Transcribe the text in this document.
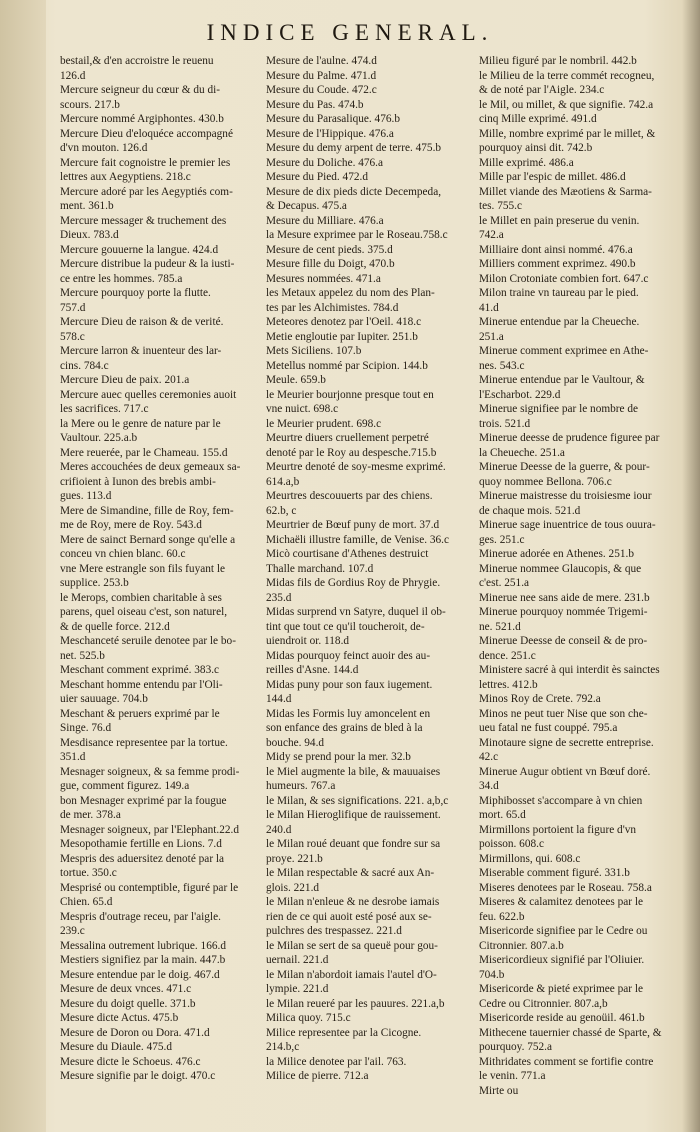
INDICE GENERAL.
bestail,& d'en accroistre le reuenu
126.d
Mercure seigneur du cœur & du di-
scours. 217.b
Mercure nommé Argiphontes. 430.b
Mercure Dieu d'eloquéce accompagné
d'vn mouton. 126.d
Mercure fait cognoistre le premier les
lettres aux Aegyptiens. 218.c
Mercure adoré par les Aegyptiés com-
ment. 361.b
Mercure messager & truchement des
Dieux. 783.d
Mercure gouuerne la langue. 424.d
Mercure distribue la pudeur & la iusti-
ce entre les hommes. 785.a
Mercure pourquoy porte la flutte.
757.d
Mercure Dieu de raison & de verité.
578.c
Mercure larron & inuenteur des lar-
cins. 784.c
Mercure Dieu de paix. 201.a
Mercure auec quelles ceremonies auoit
les sacrifices. 717.c
la Mere ou le genre de nature par le
Vaultour. 225.a.b
Mere reuerée, par le Chameau. 155.d
Meres accouchées de deux gemeaux sa-
crifioient à Iunon des brebis ambi-
gues. 113.d
Mere de Simandine, fille de Roy, fem-
me de Roy, mere de Roy. 543.d
Mere de sainct Bernard songe qu'elle a
conceu vn chien blanc. 60.c
vne Mere estrangle son fils fuyant le
supplice. 253.b
le Merops, combien charitable à ses
parens, quel oiseau c'est, son naturel,
& de quelle force. 212.d
Meschanceté seruile denotee par le bo-
net. 525.b
Meschant comment exprimé. 383.c
Meschant homme entendu par l'Oli-
uier sauuage. 704.b
Meschant & peruers exprimé par le
Singe. 76.d
Mesdisance representee par la tortue.
351.d
Mesnager soigneux, & sa femme prodi-
gue, comment figurez. 149.a
bon Mesnager exprimé par la fougue
de mer. 378.a
Mesnager soigneux, par l'Elephant.22.d
Mesopothamie fertille en Lions. 7.d
Mespris des aduersitez denoté par la
tortue. 350.c
Mesprisé ou contemptible, figuré par le
Chien. 65.d
Mespris d'outrage receu, par l'aigle.
239.c
Messalina outrement lubrique. 166.d
Mestiers signifiez par la main. 447.b
Mesure entendue par le doig. 467.d
Mesure de deux vnces. 471.c
Mesure du doigt quelle. 371.b
Mesure dicte Actus. 475.b
Mesure de Doron ou Dora. 471.d
Mesure du Diaule. 475.d
Mesure dicte le Schoeus. 476.c
Mesure signifie par le doigt. 470.c
Mesure de l'aulne. 474.d
Mesure du Palme. 471.d
Mesure du Coude. 472.c
Mesure du Pas. 474.b
Mesure du Parasalique. 476.b
Mesure de l'Hippique. 476.a
Mesure du demy arpent de terre. 475.b
Mesure du Doliche. 476.a
Mesure du Pied. 472.d
Mesure de dix pieds dicte Decempeda,
& Decapus. 475.a
Mesure du Milliare. 476.a
la Mesure exprimee par le Roseau.758.c
Mesure de cent pieds. 375.d
Mesure fille du Doigt, 470.b
Mesures nommées. 471.a
les Metaux appelez du nom des Plan-
tes par les Alchimistes. 784.d
Meteores denotez par l'Oeil. 418.c
Metie engloutie par Iupiter. 251.b
Mets Siciliens. 107.b
Metellus nommé par Scipion. 144.b
Meule. 659.b
le Meurier bourjonne presque tout en
vne nuict. 698.c
le Meurier prudent. 698.c
Meurtre diuers cruellement perpetré
denoté par le Roy au despeschе.715.b
Meurtre denoté de soy-mesme exprimé.
614.a,b
Meurtres descouuerts par des chiens.
62.b, c
Meurtrier de Bœuf puny de mort. 37.d
Michaëli illustre famille, de Venise. 36.c
Micò courtisane d'Athenes destruict
Thalle marchand. 107.d
Midas fils de Gordius Roy de Phrygie.
235.d
Midas surprend vn Satyre, duquel il ob-
tint que tout ce qu'il toucheroit, de-
uiendroit or. 118.d
Midas pourquoy feinct auoir des au-
reilles d'Asne. 144.d
Midas puny pour son faux iugement.
144.d
Midas les Formis luy amoncelent en
son enfance des grains de bled à la
bouche. 94.d
Midy se prend pour la mer. 32.b
le Miel augmente la bile, & mauuaises
humeurs. 767.a
le Milan, & ses significations. 221. a,b,c
le Milan Hieroglifique de rauissement.
240.d
le Milan roué deuant que fondre sur sa
proye. 221.b
le Milan respectable & sacré aux An-
glois. 221.d
le Milan n'enleue & ne desrobe iamais
rien de ce qui auoit esté posé aux se-
pulchres des trespassez. 221.d
le Milan se sert de sa queuë pour gou-
uernail. 221.d
le Milan n'abordoit iamais l'autel d'O-
lympie. 221.d
le Milan reueré par les pauures. 221.a,b
Milica quoy. 715.c
Milice representee par la Cicogne.
214.b,c
la Milice denotee par l'ail. 763.
Milice de pierre. 712.a
Milieu figuré par le nombril. 442.b
le Milieu de la terre commét recogneu,
& de noté par l'Aigle. 234.c
le Mil, ou millet, & que signifie. 742.a
cinq Mille exprimé. 491.d
Mille, nombre exprimé par le millet, &
pourquoy ainsi dit. 742.b
Mille exprimé. 486.a
Mille par l'espic de millet. 486.d
Millet viande des Mæotiens & Sarma-
tes. 755.c
le Millet en pain preserue du venin.
742.a
Milliaire dont ainsi nommé. 476.a
Milliers comment exprimez. 490.b
Milon Crotoniate combien fort. 647.c
Milon traine vn taureau par le pied.
41.d
Minerue entendue par la Cheueche.
251.a
Minerue comment exprimee en Athe-
nes. 543.c
Minerue entendue par le Vaultour, &
l'Escharbot. 229.d
Minerue signifiee par le nombre de
trois. 521.d
Minerue deesse de prudence figuree par
la Cheueche. 251.a
Minerue Deesse de la guerre, & pour-
quoy nommee Bellona. 706.c
Minerue maistresse du troisiesme iour
de chaque mois. 521.d
Minerue sage inuentrice de tous ouura-
ges. 251.c
Minerue adorée en Athenes. 251.b
Minerue nommee Glaucopis, & que
c'est. 251.a
Minerue nee sans aide de mere. 231.b
Minerue pourquoy nommée Trigemi-
ne. 521.d
Minerue Deesse de conseil & de pro-
dence. 251.c
Ministere sacré à qui interdit ès sainctes
lettres. 412.b
Minos Roy de Crete. 792.a
Minos ne peut tuer Nise que son che-
ueu fatal ne fust couppé. 795.a
Minotaure signe de secrette entreprise.
42.c
Minerue Augur obtient vn Bœuf doré.
34.d
Miphibosset s'accompare à vn chien
mort. 65.d
Mirmillons portoient la figure d'vn
poisson. 608.c
Mirmillons, qui. 608.c
Miserable comment figuré. 331.b
Miseres denotees par le Roseau. 758.a
Miseres & calamitez denotees par le
feu. 622.b
Misericorde signifiee par le Cedre ou
Citronnier. 807.a.b
Misericordieux signifié par l'Oliuier.
704.b
Misericorde & pieté exprimee par le
Cedre ou Citronnier. 807.a,b
Misericorde reside au genoüil. 461.b
Mithecene tauernier chassé de Sparte, &
pourquoy. 752.a
Mithridates comment se fortifie contre
le venin. 771.a
Mirte ou
